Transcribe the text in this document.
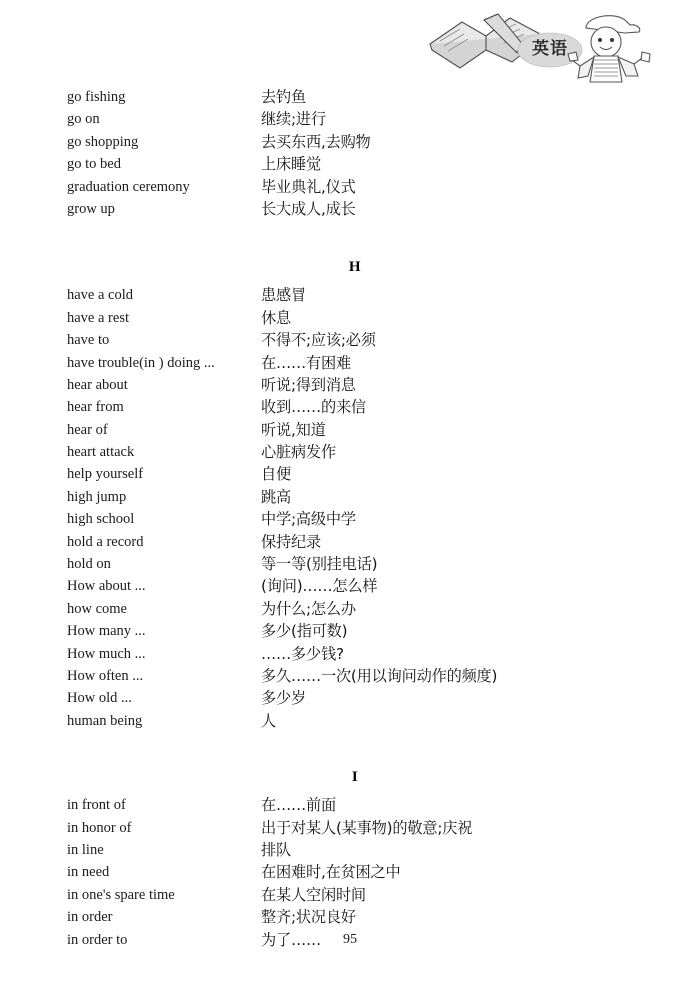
英语
go fishing	去钓鱼
go on	继续;进行
go shopping	去买东西,去购物
go to bed	上床睡觉
graduation ceremony	毕业典礼,仪式
grow up	长大成人,成长
H
have a cold	患感冒
have a rest	休息
have to	不得不;应该;必须
have trouble(in ) doing ...	在……有困难
hear about	听说;得到消息
hear from	收到……的来信
hear of	听说,知道
heart attack	心脏病发作
help yourself	自便
high jump	跳高
high school	中学;高级中学
hold a record	保持纪录
hold on	等一等(别挂电话)
How about ...	(询问)……怎么样
how come	为什么;怎么办
How many ...	多少(指可数)
How much ...	……多少钱?
How often ...	多久……一次(用以询问动作的频度)
How old ...	多少岁
human being	人
I
in front of	在……前面
in honor of	出于对某人(某事物)的敬意;庆祝
in line	排队
in need	在困难时,在贫困之中
in one's spare time	在某人空闲时间
in order	整齐;状况良好
in order to	为了……	95
